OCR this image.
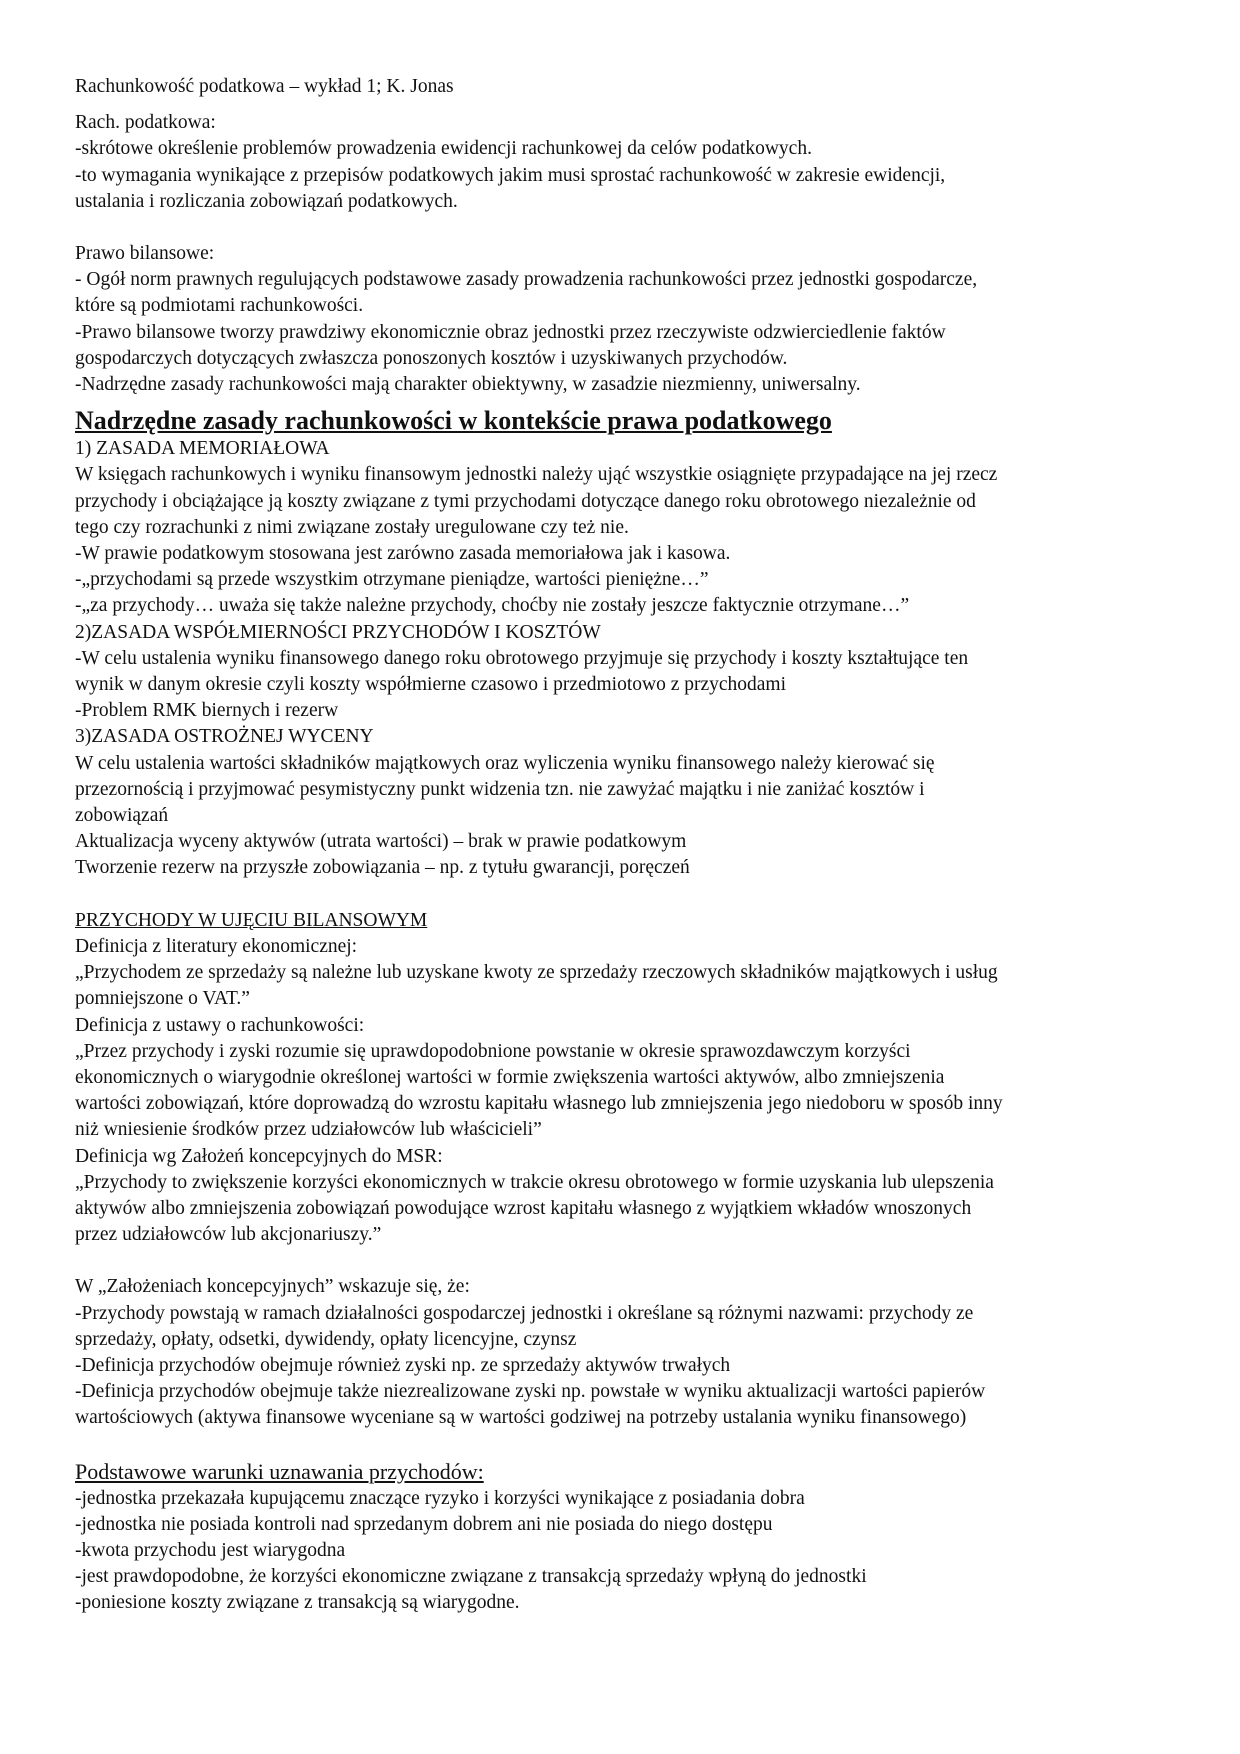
Rachunkowość podatkowa – wykład 1; K. Jonas
Rach. podatkowa:
-skrótowe określenie problemów prowadzenia ewidencji rachunkowej da celów podatkowych.
-to wymagania wynikające z przepisów podatkowych jakim musi sprostać rachunkowość w zakresie ewidencji,
ustalania i rozliczania zobowiązań podatkowych.
Prawo bilansowe:
- Ogół norm prawnych regulujących podstawowe zasady prowadzenia rachunkowości przez jednostki gospodarcze,
które są podmiotami rachunkowości.
-Prawo bilansowe tworzy prawdziwy ekonomicznie obraz jednostki przez rzeczywiste odzwierciedlenie faktów
gospodarczych dotyczących zwłaszcza ponoszonych kosztów i uzyskiwanych przychodów.
-Nadrzędne zasady rachunkowości mają charakter obiektywny, w zasadzie niezmienny, uniwersalny.
Nadrzędne zasady rachunkowości w kontekście prawa podatkowego
1) ZASADA MEMORIAŁOWA
W księgach rachunkowych i wyniku finansowym jednostki należy ująć wszystkie osiągnięte przypadające na jej rzecz
przychody i obciążające ją koszty związane z tymi przychodami dotyczące danego roku obrotowego niezależnie od
tego czy rozrachunki z nimi związane zostały uregulowane czy też nie.
-W prawie podatkowym stosowana jest zarówno zasada memoriałowa jak i kasowa.
-„przychodami są przede wszystkim otrzymane pieniądze, wartości pieniężne…”
-„za przychody… uważa się także należne przychody, choćby nie zostały jeszcze faktycznie otrzymane…”
2)ZASADA WSPÓŁMIERNOŚCI PRZYCHODÓW I KOSZTÓW
-W celu ustalenia wyniku finansowego danego roku obrotowego przyjmuje się przychody i koszty kształtujące ten
wynik w danym okresie czyli koszty współmierne czasowo i przedmiotowo z przychodami
-Problem RMK biernych i rezerw
3)ZASADA OSTROŻNEJ WYCENY
W celu ustalenia wartości składników majątkowych oraz wyliczenia wyniku finansowego należy kierować się
przezornością i przyjmować pesymistyczny punkt widzenia tzn. nie zawyżać majątku i nie zaniżać kosztów i
zobowiązań
Aktualizacja wyceny aktywów (utrata wartości) – brak w prawie podatkowym
Tworzenie rezerw na przyszłe zobowiązania – np. z tytułu gwarancji, poręczeń
PRZYCHODY W UJĘCIU BILANSOWYM
Definicja z literatury ekonomicznej:
„Przychodem ze sprzedaży są należne lub uzyskane kwoty ze sprzedaży rzeczowych składników majątkowych i usług
pomniejszone o VAT.”
Definicja z ustawy o rachunkowości:
„Przez przychody i zyski rozumie się uprawdopodobnione powstanie w okresie sprawozdawczym korzyści
ekonomicznych o wiarygodnie określonej wartości w formie zwiększenia wartości aktywów, albo zmniejszenia
wartości zobowiązań, które doprowadzą do wzrostu kapitału własnego lub zmniejszenia jego niedoboru w sposób inny
niż wniesienie środków przez udziałowców lub właścicieli”
Definicja wg Założeń koncepcyjnych do MSR:
„Przychody to zwiększenie korzyści ekonomicznych w trakcie okresu obrotowego w formie uzyskania lub ulepszenia
aktywów albo zmniejszenia zobowiązań powodujące wzrost kapitału własnego z wyjątkiem wkładów wnoszonych
przez udziałowców lub akcjonariuszy.”
W „Założeniach koncepcyjnych” wskazuje się, że:
-Przychody powstają w ramach działalności gospodarczej jednostki i określane są różnymi nazwami: przychody ze
sprzedaży, opłaty, odsetki, dywidendy, opłaty licencyjne, czynsz
-Definicja przychodów obejmuje również zyski np. ze sprzedaży aktywów trwałych
-Definicja przychodów obejmuje także niezrealizowane zyski np. powstałe w wyniku aktualizacji wartości papierów
wartościowych (aktywa finansowe wyceniane są w wartości godziwej na potrzeby ustalania wyniku finansowego)
Podstawowe warunki uznawania przychodów:
-jednostka przekazała kupującemu znaczące ryzyko i korzyści wynikające z posiadania dobra
-jednostka nie posiada kontroli nad sprzedanym dobrem ani nie posiada do niego dostępu
-kwota przychodu jest wiarygodna
-jest prawdopodobne, że korzyści ekonomiczne związane z transakcją sprzedaży wpłyną do jednostki
-poniesione koszty związane z transakcją są wiarygodne.
